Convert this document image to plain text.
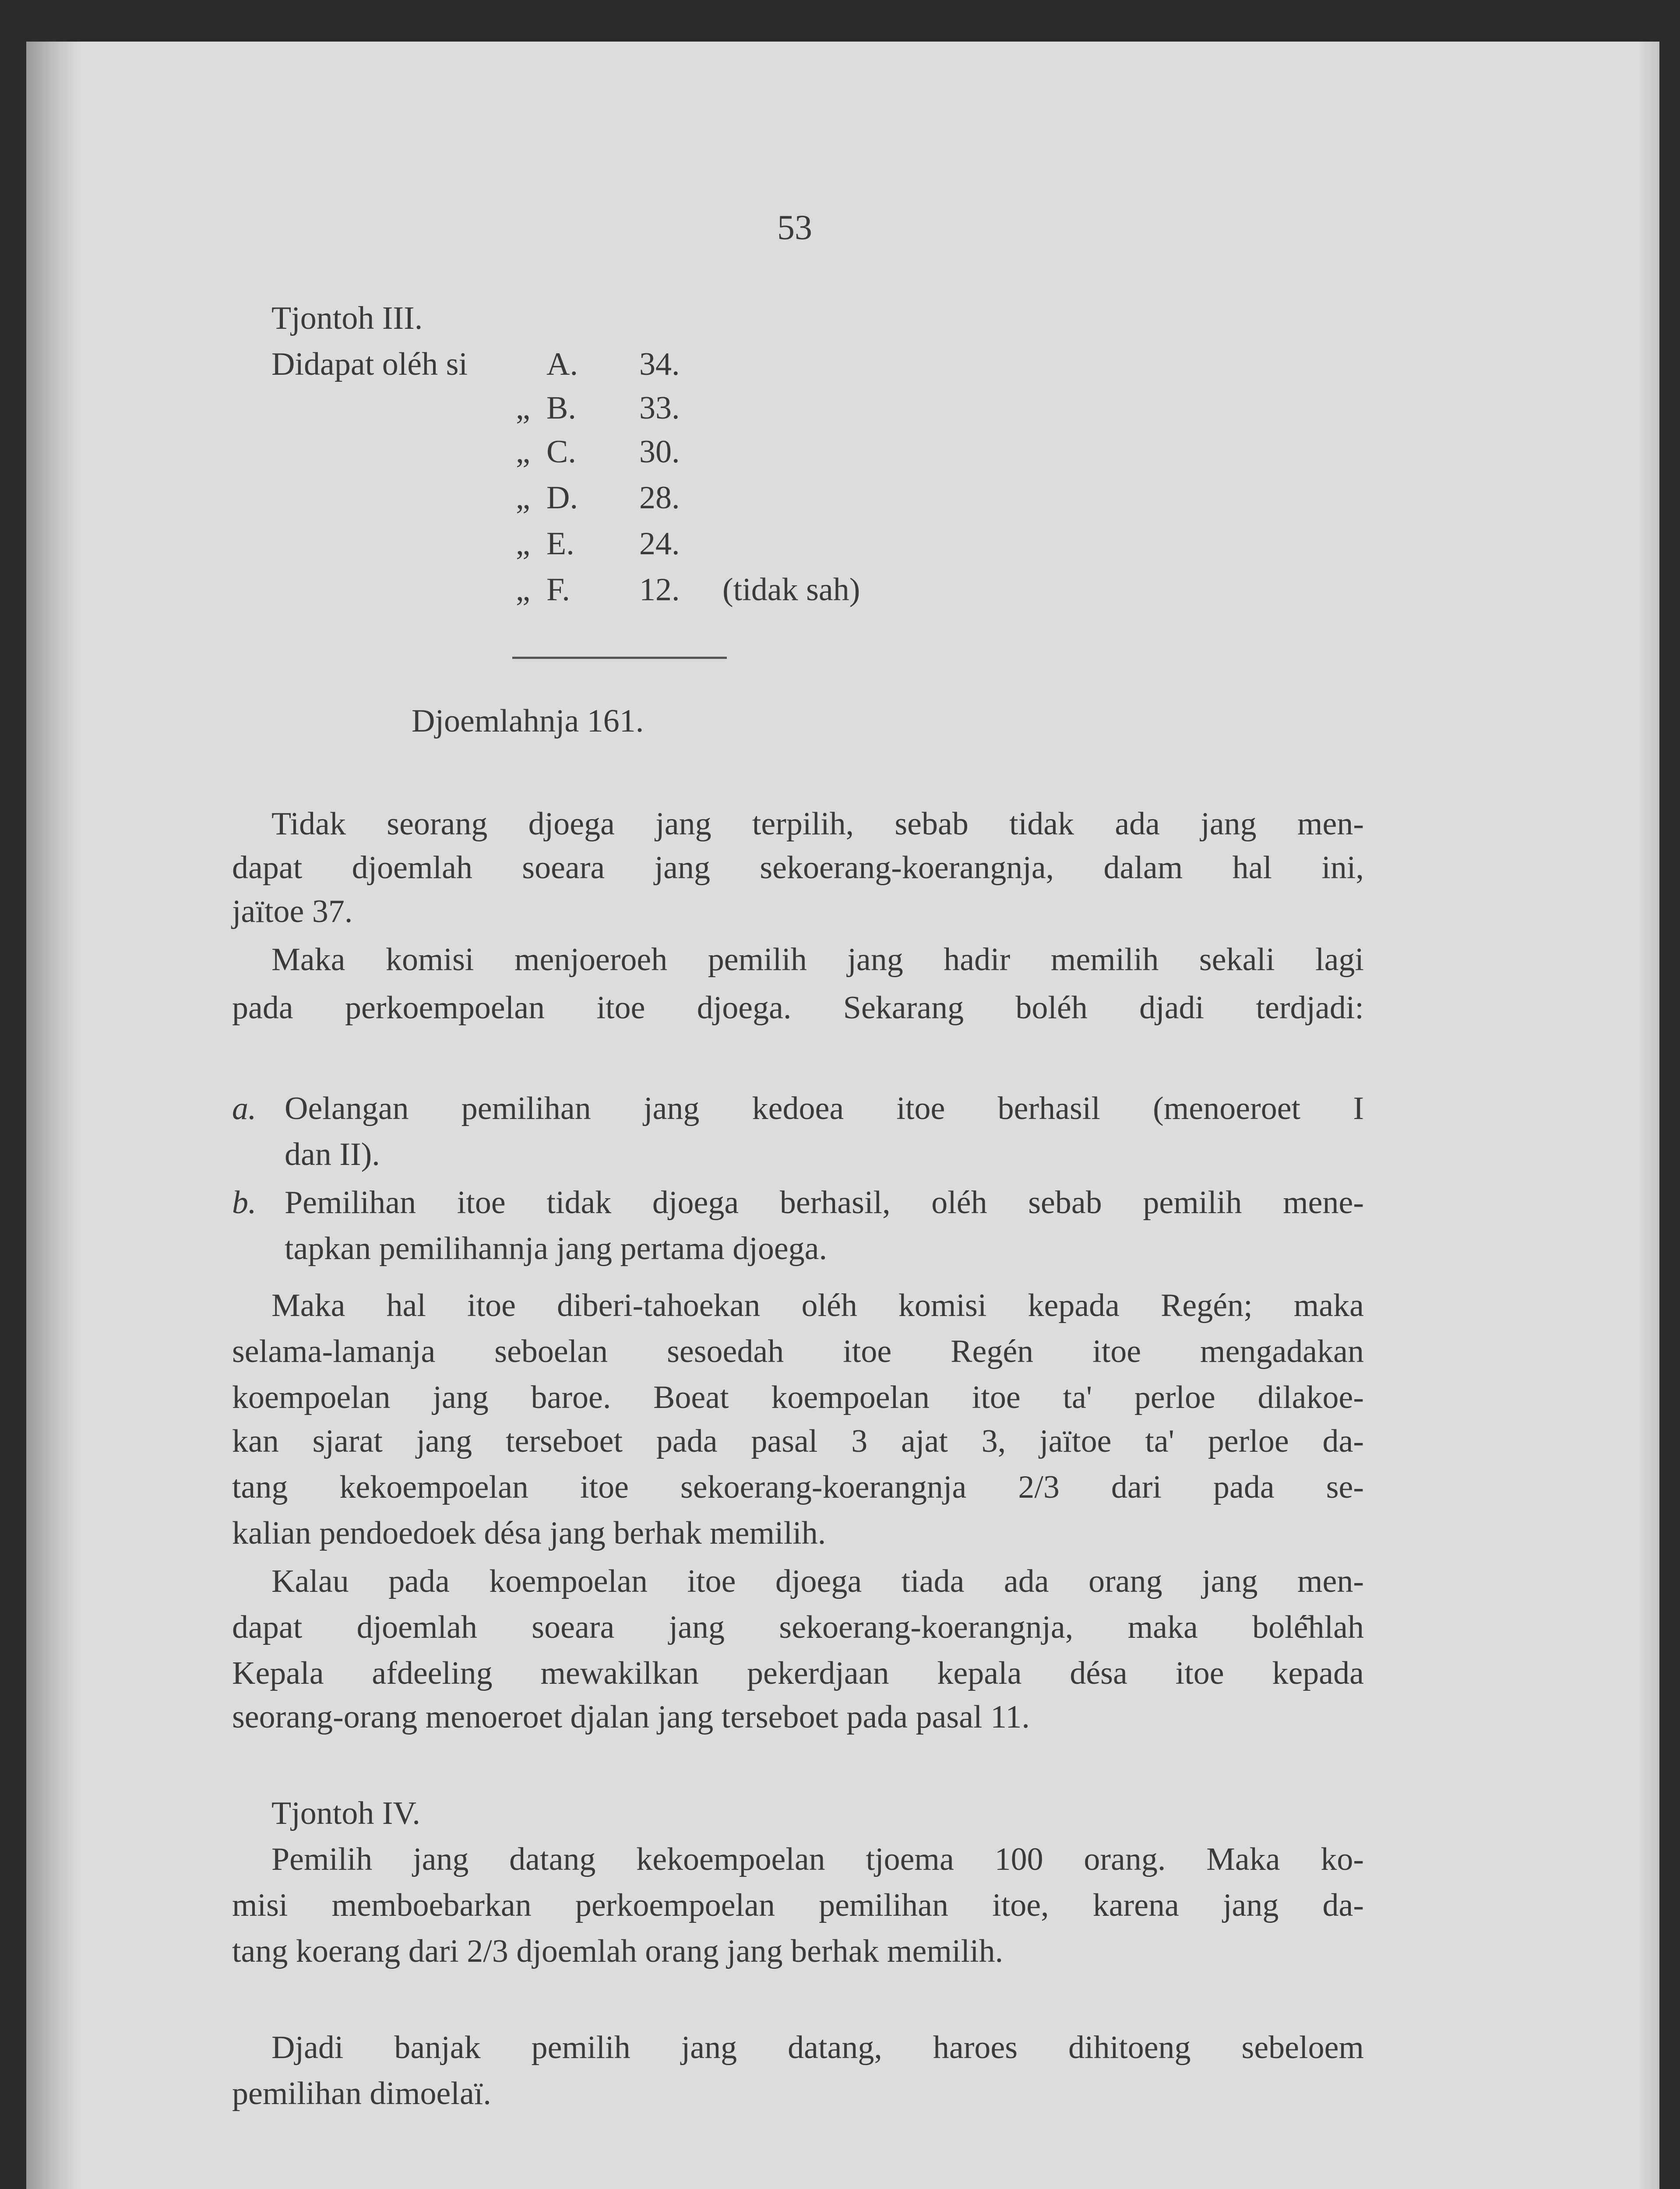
53
Tjontoh III.
Didapat oléh si A. 34.
„ B. 33.
„ C. 30.
„ D. 28.
„ E. 24.
„ F. 12. (tidak sah)
Djoemlahnja 161.
Tidak seorang djoega jang terpilih, sebab tidak ada jang men-
dapat djoemlah soeara jang sekoerang-koerangnja, dalam hal ini,
jaïtoe 37.
Maka komisi menjoeroeh pemilih jang hadir memilih sekali lagi
pada perkoempoelan itoe djoega. Sekarang boléh djadi terdjadi:
a. Oelangan pemilihan jang kedoea itoe berhasil (menoeroet I
dan II).
b. Pemilihan itoe tidak djoega berhasil, oléh sebab pemilih mene-
tapkan pemilihannja jang pertama djoega.
Maka hal itoe diberi-tahoekan oléh komisi kepada Regén; maka
selama-lamanja seboelan sesoedah itoe Regén itoe mengadakan
koempoelan jang baroe. Boeat koempoelan itoe ta' perloe dilakoe-
kan sjarat jang terseboet pada pasal 3 ajat 3, jaïtoe ta' perloe da-
tang kekoempoelan itoe sekoerang-koerangnja 2/3 dari pada se-
kalian pendoedoek désa jang berhak memilih.
Kalau pada koempoelan itoe djoega tiada ada orang jang men-
dapat djoemlah soeara jang sekoerang-koerangnja, maka bolé̄hlah
Kepala afdeeling mewakilkan pekerdjaan kepala désa itoe kepada
seorang-orang menoeroet djalan jang terseboet pada pasal 11.
Tjontoh IV.
Pemilih jang datang kekoempoelan tjoema 100 orang. Maka ko-
misi memboebarkan perkoempoelan pemilihan itoe, karena jang da-
tang koerang dari 2/3 djoemlah orang jang berhak memilih.
Djadi banjak pemilih jang datang, haroes dihitoeng sebeloem
pemilihan dimoelaï.
